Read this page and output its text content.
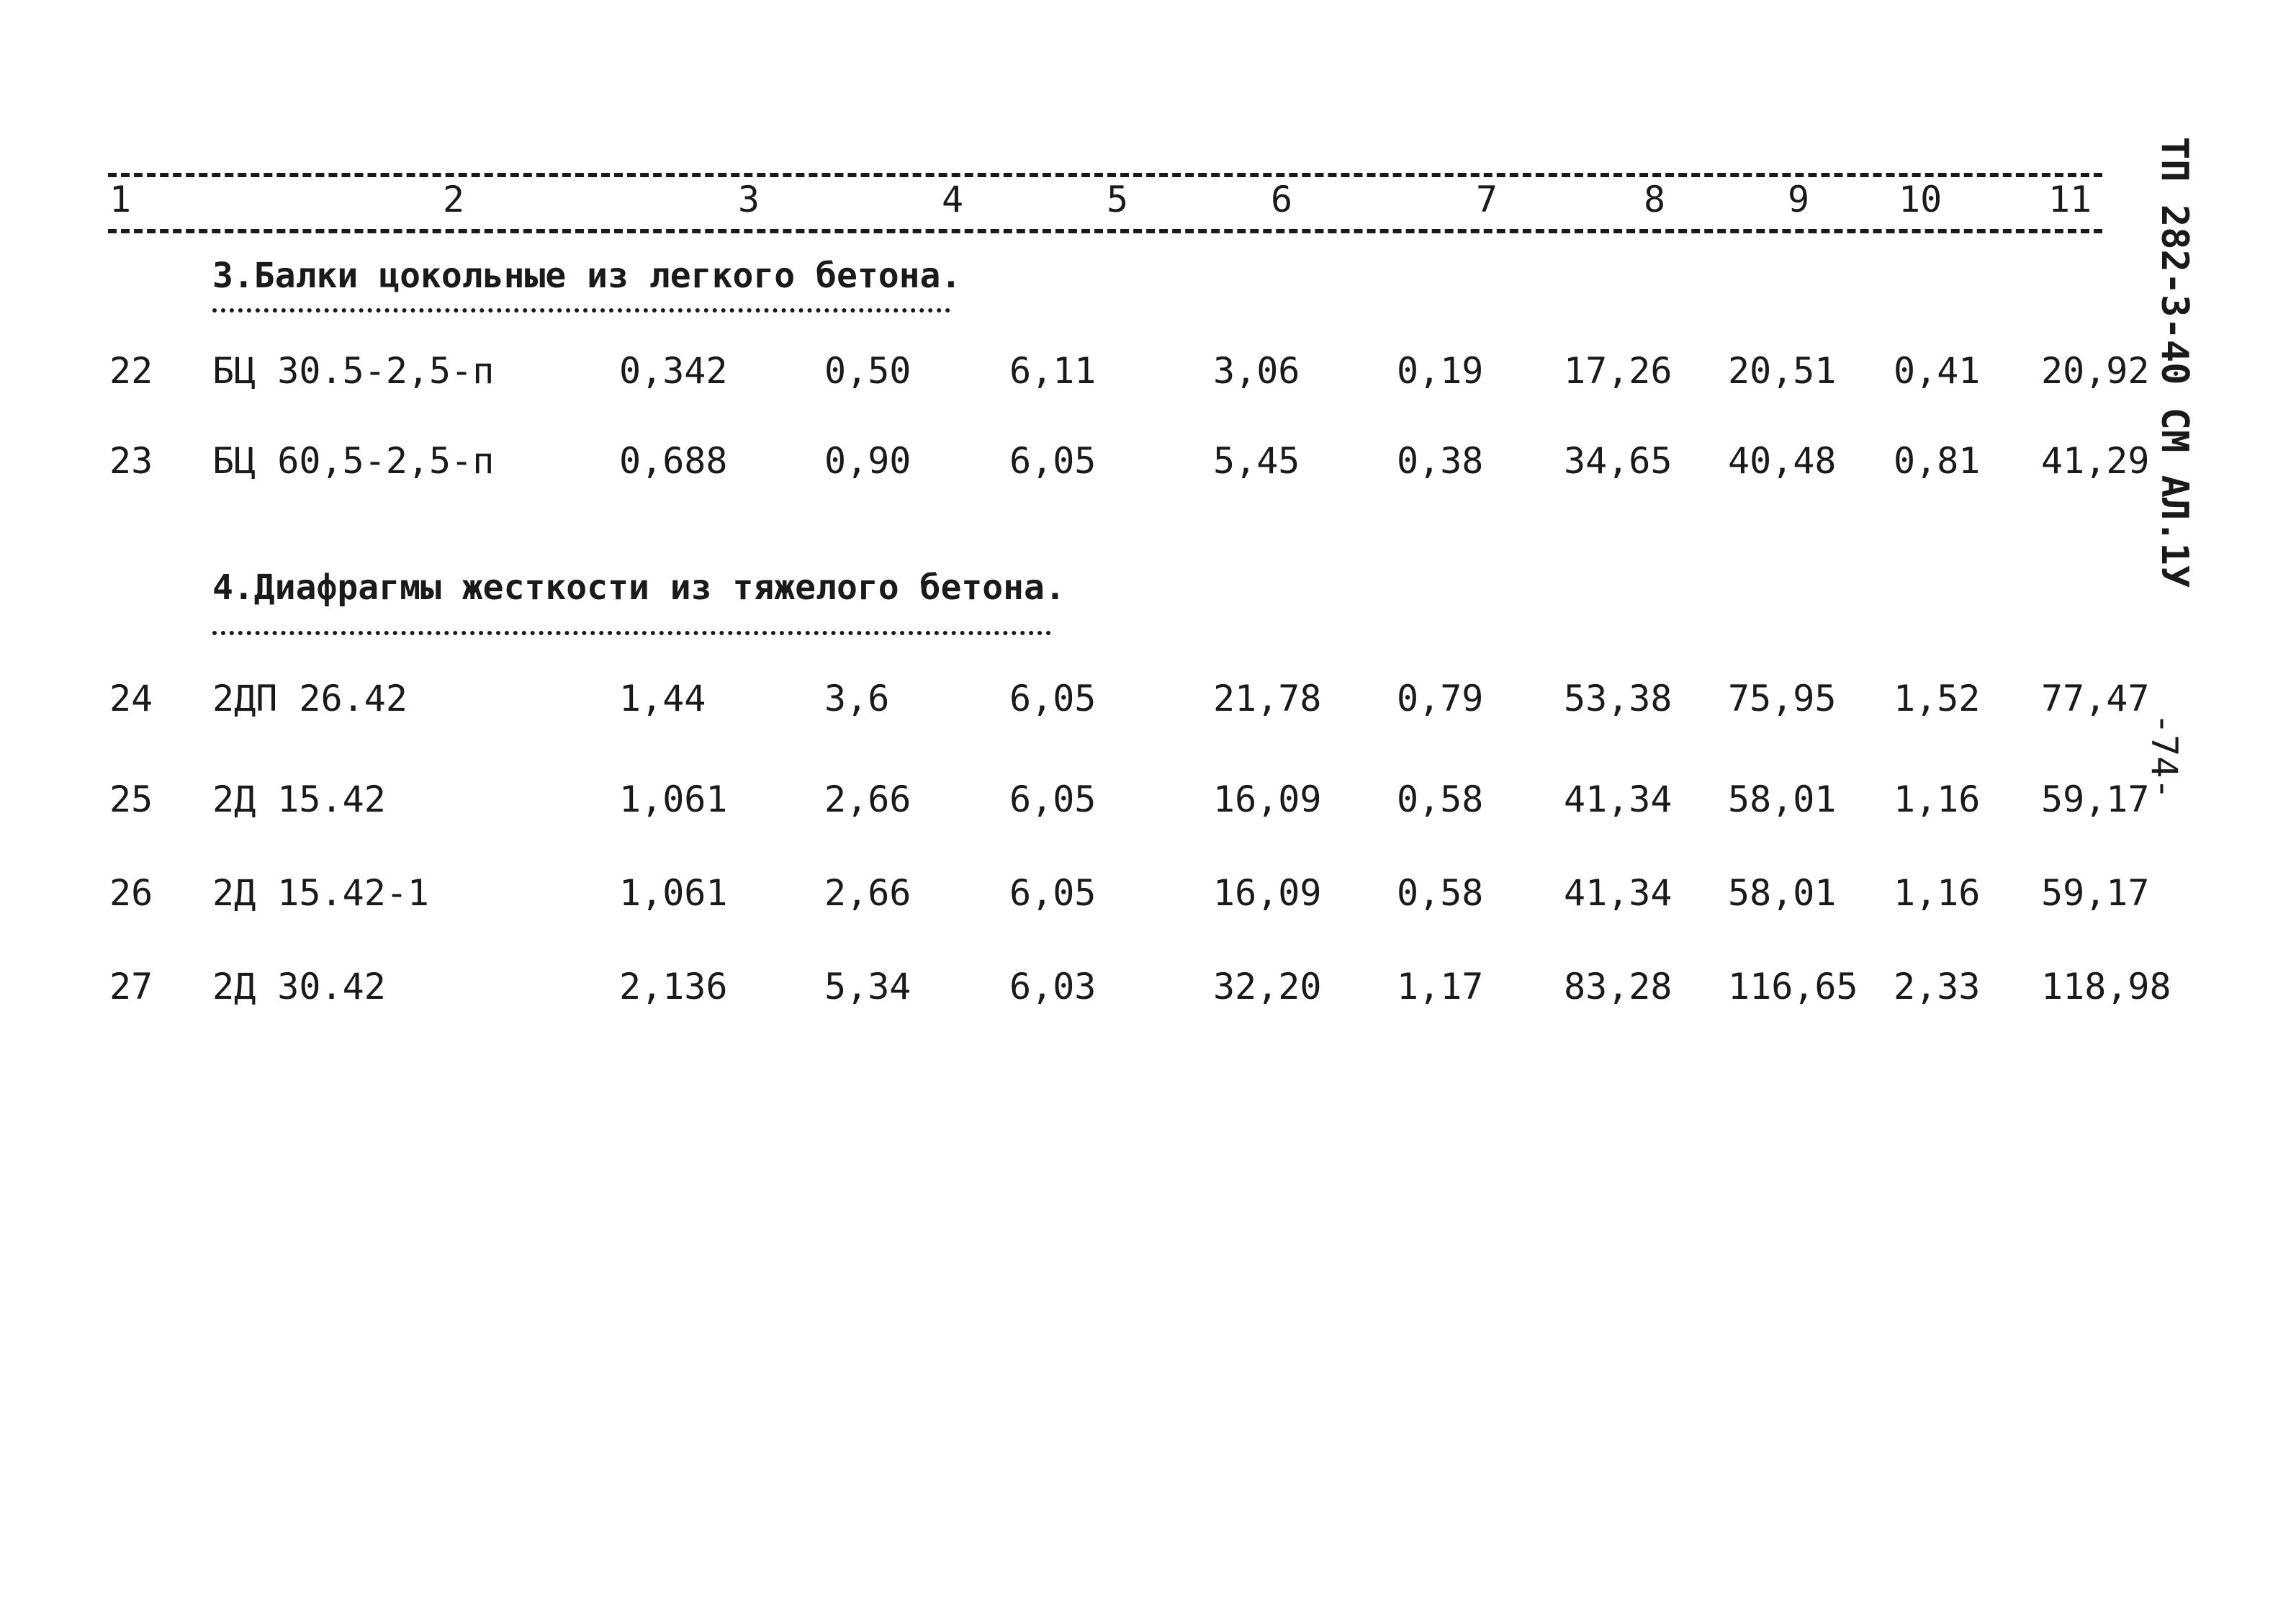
1	2	3	4	5	6	7	8	9 10	11
3.Балки цокольные из легкого бетона.
22 БЦ 30.5-2,5-п	0,342	0,50	6,11	3,06	0,19 17,26 20,51 0,41 20,92
23 БЦ 60,5-2,5-п	0,688	0,90	6,05	5,45	0,38 34,65 40,48 0,81 41,29
4.Диафрагмы жесткости из тяжелого бетона.
24 2ДП 26.42	1,44	3,6	6,05	21,78 0,79 53,38 75,95 1,52 77,47
25 2Д 15.42	1,061	2,66	6,05	16,09 0,58 41,34 58,01 1,16 59,17
26 2Д 15.42-1	1,061	2,66	6,05	16,09 0,58 41,34 58,01 1,16 59,17
27 2Д 30.42	2,136	5,34	6,03	32,20 1,17 83,28 116,65 2,33 118,98
ТП 282-3-40 СМ АЛ.1У
-74-
